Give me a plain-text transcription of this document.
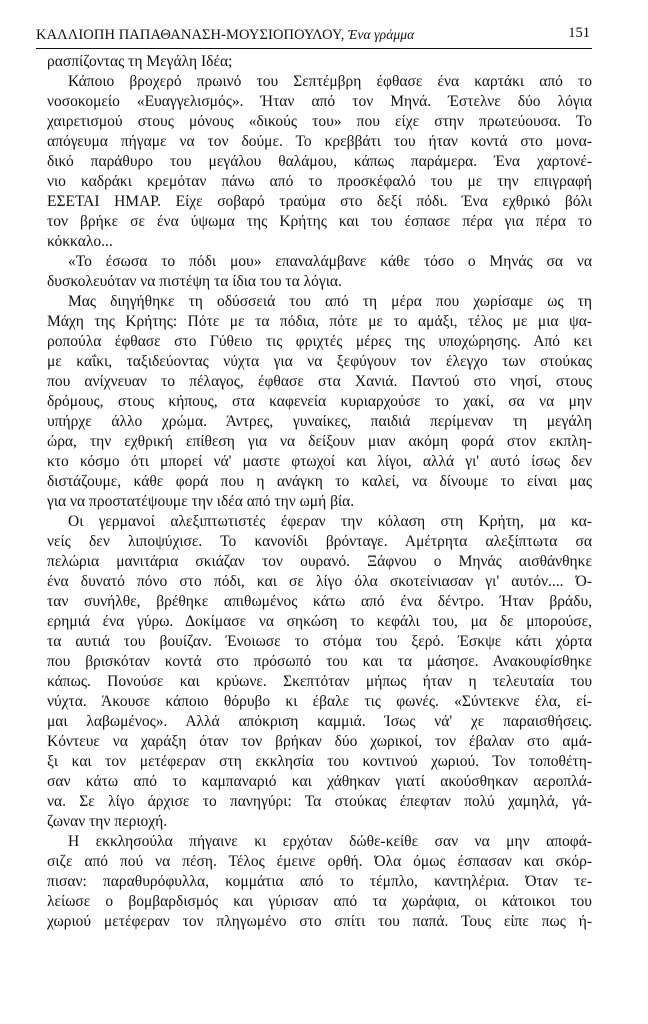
ΚΑΛΛΙΟΠΗ ΠΑΠΑΘΑΝΑΣΗ-ΜΟΥΣΙΟΠΟΥΛΟΥ, Ένα γράμμα	151
ρασπίζοντας τη Μεγάλη Ιδέα;
Κάποιο βροχερό πρωινό του Σεπτέμβρη έφθασε ένα καρτάκι από το
νοσοκομείο «Ευαγγελισμός». Ήταν από τον Μηνά. Έστελνε δύο λόγια
χαιρετισμού στους μόνους «δικούς του» που είχε στην πρωτεύουσα. Το
απόγευμα πήγαμε να τον δούμε. Το κρεββάτι του ήταν κοντά στο μονα-
δικό παράθυρο του μεγάλου θαλάμου, κάπως παράμερα. Ένα χαρτονέ-
νιο καδράκι κρεμόταν πάνω από το προσκέφαλό του με την επιγραφή
ΕΣΕΤΑΙ ΗΜΑΡ. Είχε σοβαρό τραύμα στο δεξί πόδι. Ένα εχθρικό βόλι
τον βρήκε σε ένα ύψωμα της Κρήτης και του έσπασε πέρα για πέρα το
κόκκαλο...
«Το έσωσα το πόδι μου» επαναλάμβανε κάθε τόσο ο Μηνάς σα να
δυσκολευόταν να πιστέψη τα ίδια του τα λόγια.
Μας διηγήθηκε τη οδύσσειά του από τη μέρα που χωρίσαμε ως τη
Μάχη της Κρήτης: Πότε με τα πόδια, πότε με το αμάξι, τέλος με μια ψα-
ροπούλα έφθασε στο Γύθειο τις φριχτές μέρες της υποχώρησης. Από κει
με καΐκι, ταξιδεύοντας νύχτα για να ξεφύγουν τον έλεγχο των στούκας
που ανίχνευαν το πέλαγος, έφθασε στα Χανιά. Παντού στο νησί, στους
δρόμους, στους κήπους, στα καφενεία κυριαρχούσε το χακί, σα να μην
υπήρχε άλλο χρώμα. Άντρες, γυναίκες, παιδιά περίμεναν τη μεγάλη
ώρα, την εχθρική επίθεση για να δείξουν μιαν ακόμη φορά στον εκπλη-
κτο κόσμο ότι μπορεί νά' μαστε φτωχοί και λίγοι, αλλά γι' αυτό ίσως δεν
διστάζουμε, κάθε φορά που η ανάγκη το καλεί, να δίνουμε το είναι μας
για να προστατέψουμε την ιδέα από την ωμή βία.
Οι γερμανοί αλεξιπτωτιστές έφεραν την κόλαση στη Κρήτη, μα κα-
νείς δεν λιποψύχισε. Το κανονίδι βρόνταγε. Αμέτρητα αλεξίπτωτα σα
πελώρια μανιτάρια σκιάζαν τον ουρανό. Ξάφνου ο Μηνάς αισθάνθηκε
ένα δυνατό πόνο στο πόδι, και σε λίγο όλα σκοτείνιασαν γι' αυτόν.... Ό-
ταν συνήλθε, βρέθηκε απιθωμένος κάτω από ένα δέντρο. Ήταν βράδυ,
ερημιά ένα γύρω. Δοκίμασε να σηκώση το κεφάλι του, μα δε μπορούσε,
τα αυτιά του βουίζαν. Ένοιωσε το στόμα του ξερό. Έσκψε κάτι χόρτα
που βρισκόταν κοντά στο πρόσωπό του και τα μάσησε. Ανακουφίσθηκε
κάπως. Πονούσε και κρύωνε. Σκεπτόταν μήπως ήταν η τελευταία του
νύχτα. Άκουσε κάποιο θόρυβο κι έβαλε τις φωνές. «Σύντεκνε έλα, εί-
μαι λαβωμένος». Αλλά απόκριση καμμιά. Ίσως νά' χε παραισθήσεις.
Κόντευε να χαράξη όταν τον βρήκαν δύο χωρικοί, τον έβαλαν στο αμά-
ξι και τον μετέφεραν στη εκκλησία του κοντινού χωριού. Τον τοποθέτη-
σαν κάτω από το καμπαναριό και χάθηκαν γιατί ακούσθηκαν αεροπλά-
να. Σε λίγο άρχισε το πανηγύρι: Τα στούκας έπεφταν πολύ χαμηλά, γά-
ζωναν την περιοχή.
Η εκκλησούλα πήγαινε κι ερχόταν δώθε-κείθε σαν να μην αποφά-
σιζε από πού να πέση. Τέλος έμεινε ορθή. Όλα όμως έσπασαν και σκόρ-
πισαν: παραθυρόφυλλα, κομμάτια από το τέμπλο, καντηλέρια. Όταν τε-
λείωσε ο βομβαρδισμός και γύρισαν από τα χωράφια, οι κάτοικοι του
χωριού μετέφεραν τον πληγωμένο στο σπίτι του παπά. Τους είπε πως ή-
